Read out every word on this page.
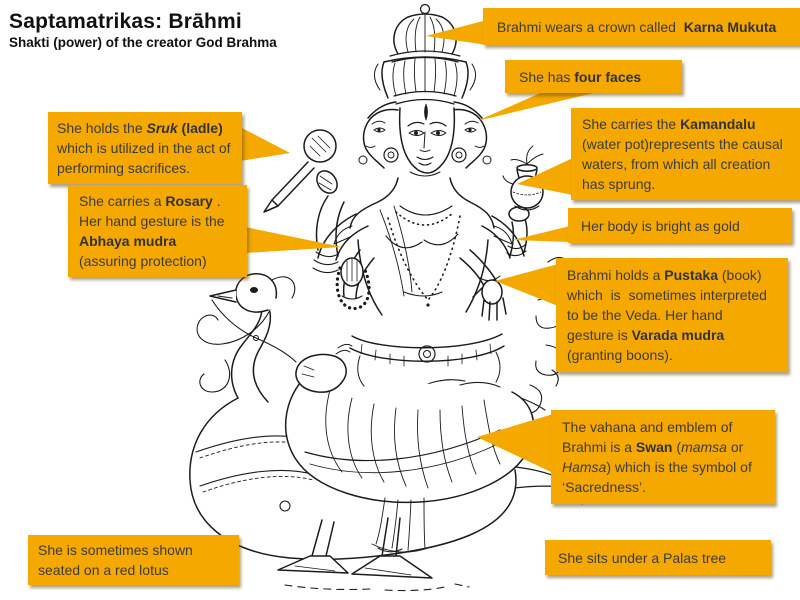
Saptamatrikas: Brāhmi
Shakti (power) of the creator God Brahma
Brahmi wears a crown called  Karna Mukuta
She has four faces
She carries the Kamandalu (water pot)represents the causal waters, from which all creation has sprung.
Her body is bright as gold
Brahmi holds a Pustaka (book) which  is  sometimes interpreted to be the Veda. Her hand  gesture is Varada mudra (granting boons).
The vahana and emblem of Brahmi is a Swan (mamsa or Hamsa) which is the symbol of ‘Sacredness’.
She sits under a Palas tree
She holds the Sruk (ladle) which is utilized in the act of performing sacrifices.
She carries a Rosary . Her hand gesture is the Abhaya mudra (assuring protection)
She is sometimes shown seated on a red lotus
